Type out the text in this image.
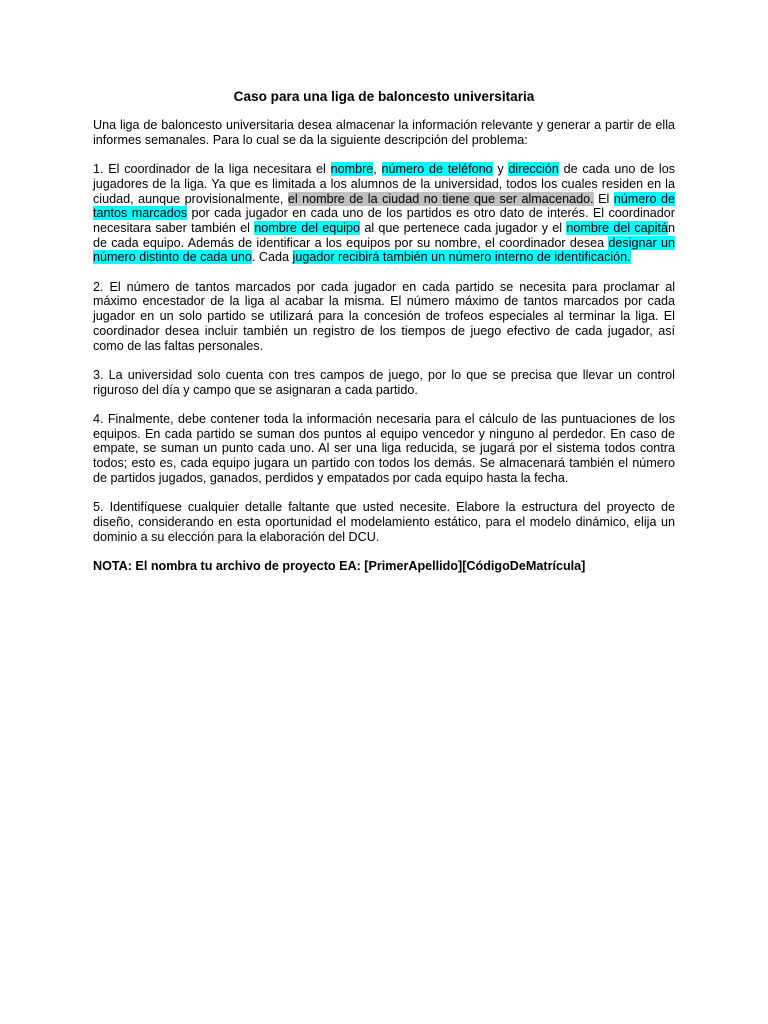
Caso para una liga de baloncesto universitaria

Una liga de baloncesto universitaria desea almacenar la información relevante y generar a partir de ella informes semanales. Para lo cual se da la siguiente descripción del problema:

1. El coordinador de la liga necesitara el nombre, número de teléfono y dirección de cada uno de los jugadores de la liga. Ya que es limitada a los alumnos de la universidad, todos los cuales residen en la ciudad, aunque provisionalmente, el nombre de la ciudad no tiene que ser almacenado. El número de tantos marcados por cada jugador en cada uno de los partidos es otro dato de interés. El coordinador necesitara saber también el nombre del equipo al que pertenece cada jugador y el nombre del capitán de cada equipo. Además de identificar a los equipos por su nombre, el coordinador desea designar un número distinto de cada uno. Cada jugador recibirá también un número interno de identificación.

2. El número de tantos marcados por cada jugador en cada partido se necesita para proclamar al máximo encestador de la liga al acabar la misma. El número máximo de tantos marcados por cada jugador en un solo partido se utilizará para la concesión de trofeos especiales al terminar la liga. El coordinador desea incluir también un registro de los tiempos de juego efectivo de cada jugador, así como de las faltas personales.

3. La universidad solo cuenta con tres campos de juego, por lo que se precisa que llevar un control riguroso del día y campo que se asignaran a cada partido.

4. Finalmente, debe contener toda la información necesaria para el cálculo de las puntuaciones de los equipos. En cada partido se suman dos puntos al equipo vencedor y ninguno al perdedor. En caso de empate, se suman un punto cada uno. Al ser una liga reducida, se jugará por el sistema todos contra todos; esto es, cada equipo jugara un partido con todos los demás. Se almacenará también el número de partidos jugados, ganados, perdidos y empatados por cada equipo hasta la fecha.

5. Identifíquese cualquier detalle faltante que usted necesite. Elabore la estructura del proyecto de diseño, considerando en esta oportunidad el modelamiento estático, para el modelo dinámico, elija un dominio a su elección para la elaboración del DCU.

NOTA: El nombra tu archivo de proyecto EA: [PrimerApellido][CódigoDeMatrícula]
